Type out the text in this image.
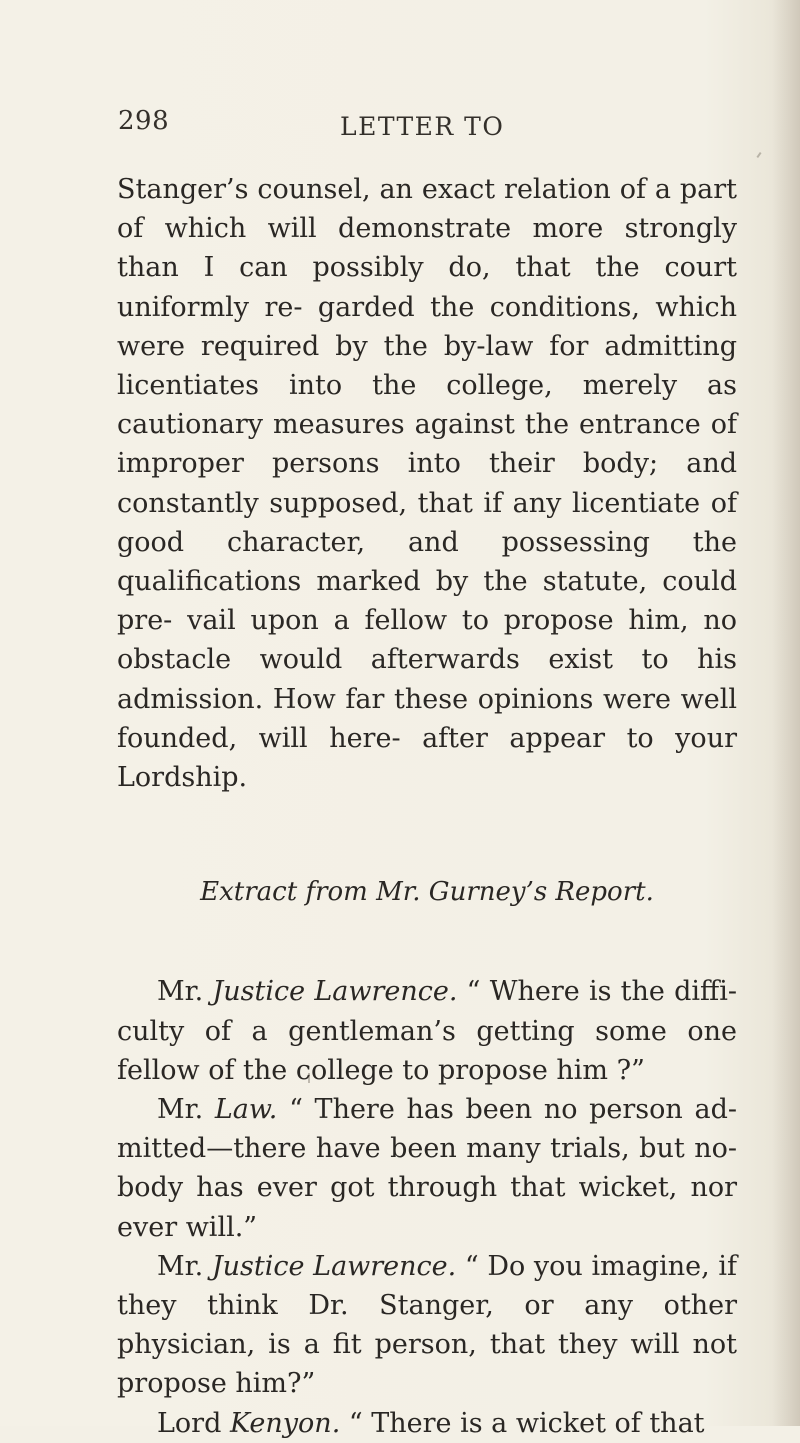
298	LETTER TO

Stanger’s counsel, an exact relation of a part of which will demonstrate more strongly than I can possibly do, that the court uniformly re- garded the conditions, which were required by the by-law for admitting licentiates into the college, merely as cautionary measures against the entrance of improper persons into their body; and constantly supposed, that if any licentiate of good character, and possessing the qualifications marked by the statute, could pre- vail upon a fellow to propose him, no obstacle would afterwards exist to his admission. How far these opinions were well founded, will here- after appear to your Lordship.

Extract from Mr. Gurney’s Report.

Mr. Justice Lawrence. “ Where is the diffi- culty of a gentleman’s getting some one fellow of the college to propose him ?”

Mr. Law. “ There has been no person ad- mitted—there have been many trials, but no- body has ever got through that wicket, nor ever will.”

Mr. Justice Lawrence. “ Do you imagine, if they think Dr. Stanger, or any other physician, is a fit person, that they will not propose him?”

Lord Kenyon. “ There is a wicket of that
